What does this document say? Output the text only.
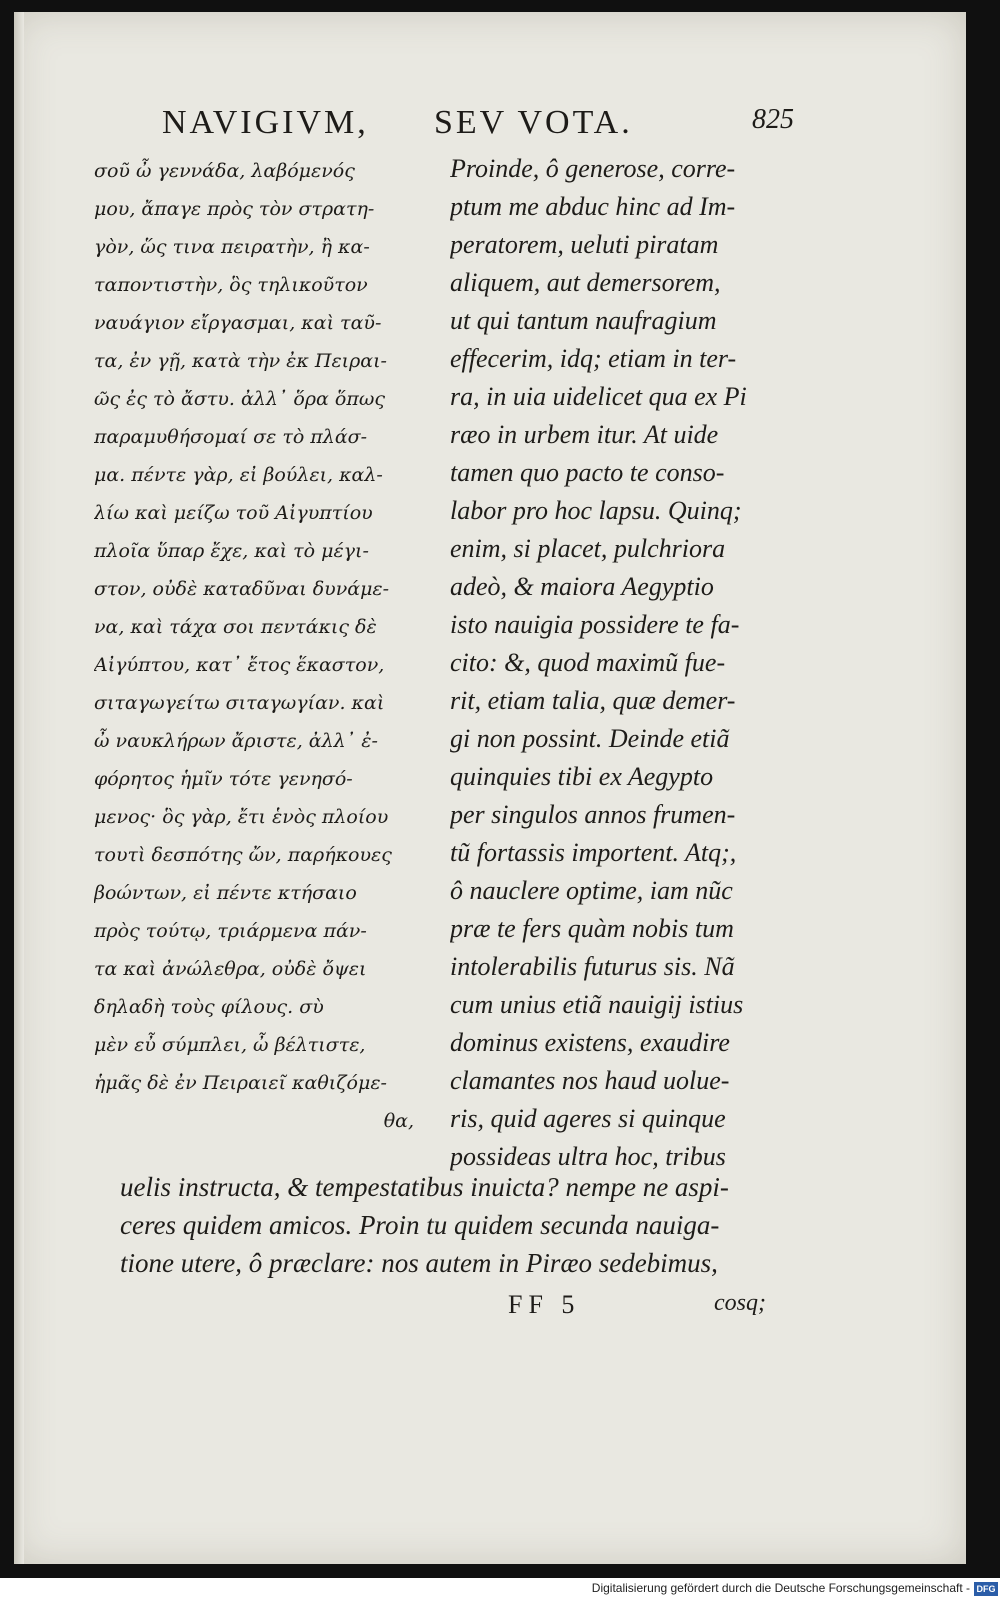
NAVIGIVM, SEV VOTA.	825
σοῦ ὦ γεννάδα, λαβόμενός
μου, ἄπαγε πρὸς τὸν στρατη-
γὸν, ὥς τινα πειρατὴν, ἢ κα-
ταποντιστὴν, ὃς τηλικοῦτον
ναυάγιον εἴργασμαι, καὶ ταῦ-
τα, ἐν γῇ, κατὰ τὴν ἐκ Πειραι-
ῶς ἐς τὸ ἄστυ. ἀλλ᾽ ὅρα ὅπως
παραμυθήσομαί σε τὸ πλάσ-
μα. πέντε γὰρ, εἰ βούλει, καλ-
λίω καὶ μείζω τοῦ Αἰγυπτίου
πλοῖα ὕπαρ ἔχε, καὶ τὸ μέγι-
στον, οὐδὲ καταδῦναι δυνάμε-
να, καὶ τάχα σοι πεντάκις δὲ
Αἰγύπτου, κατ᾽ ἔτος ἕκαστον,
σιταγωγείτω σιταγωγίαν. καὶ
ὦ ναυκλήρων ἄριστε, ἀλλ᾽ ἐ-
φόρητος ἡμῖν τότε γενησό-
μενος· ὃς γὰρ, ἔτι ἑνὸς πλοίου
τουτὶ δεσπότης ὤν, παρήκουες
βοώντων, εἰ πέντε κτήσαιο
πρὸς τούτῳ, τριάρμενα πάν-
τα καὶ ἀνώλεθρα, οὐδὲ ὄψει
δηλαδὴ τοὺς φίλους. σὺ
μὲν εὖ σύμπλει, ὦ βέλτιστε,
ἡμᾶς δὲ ἐν Πειραιεῖ καθιζόμε-
θα,
Proinde, ô generose, corre-
ptum me abduc hinc ad Im-
peratorem, ueluti piratam
aliquem, aut demersorem,
ut qui tantum naufragium
effecerim, idq; etiam in ter-
ra, in uia uidelicet qua ex Pi
ræo in urbem itur. At uide
tamen quo pacto te conso-
labor pro hoc lapsu. Quinq;
enim, si placet, pulchriora
adeò, & maiora Aegyptio
isto nauigia possidere te fa-
cito: &, quod maximũ fue-
rit, etiam talia, quæ demer-
gi non possint. Deinde etiã
quinquies tibi ex Aegypto
per singulos annos frumen-
tũ fortassis importent. Atq;,
ô nauclere optime, iam nũc
præ te fers quàm nobis tum
intolerabilis futurus sis. Nã
cum unius etiã nauigij istius
dominus existens, exaudire
clamantes nos haud uolue-
ris, quid ageres si quinque
possideas ultra hoc, tribus
uelis instructa, & tempestatibus inuicta? nempe ne aspi-
ceres quidem amicos. Proin tu quidem secunda nauiga-
tione utere, ô præclare: nos autem in Piræo sedebimus,
FF 5	cosq;
Digitalisierung gefördert durch die Deutsche Forschungsgemeinschaft - DFG
